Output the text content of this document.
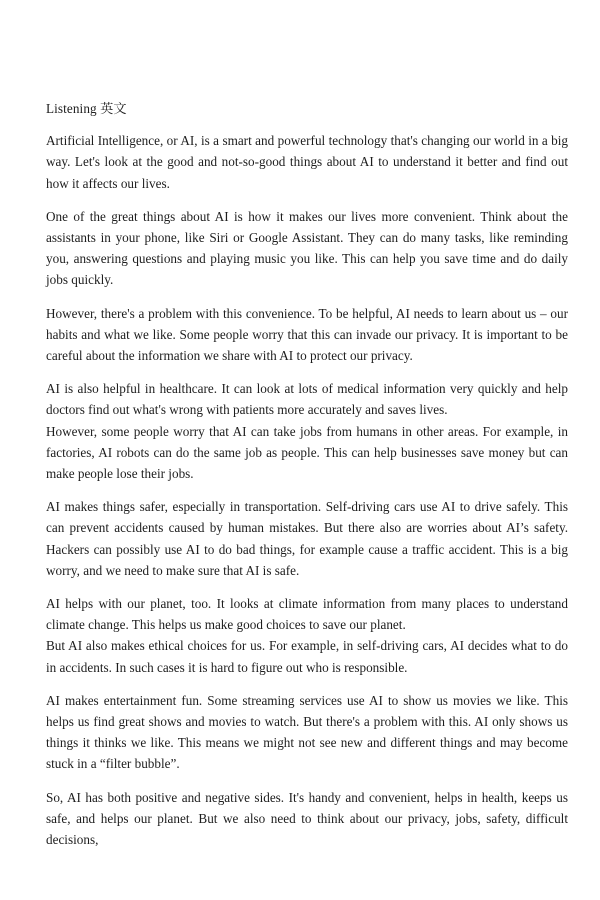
Listening 英文

Artificial Intelligence, or AI, is a smart and powerful technology that's changing our world in a big way. Let's look at the good and not-so-good things about AI to understand it better and find out how it affects our lives.

One of the great things about AI is how it makes our lives more convenient. Think about the assistants in your phone, like Siri or Google Assistant. They can do many tasks, like reminding you, answering questions and playing music you like. This can help you save time and do daily jobs quickly.

However, there's a problem with this convenience. To be helpful, AI needs to learn about us – our habits and what we like. Some people worry that this can invade our privacy. It is important to be careful about the information we share with AI to protect our privacy.

AI is also helpful in healthcare. It can look at lots of medical information very quickly and help doctors find out what's wrong with patients more accurately and saves lives.

However, some people worry that AI can take jobs from humans in other areas. For example, in factories, AI robots can do the same job as people. This can help businesses save money but can make people lose their jobs.

AI makes things safer, especially in transportation. Self-driving cars use AI to drive safely. This can prevent accidents caused by human mistakes. But there also are worries about AI’s safety. Hackers can possibly use AI to do bad things, for example cause a traffic accident. This is a big worry, and we need to make sure that AI is safe.

AI helps with our planet, too. It looks at climate information from many places to understand climate change. This helps us make good choices to save our planet.

But AI also makes ethical choices for us. For example, in self-driving cars, AI decides what to do in accidents. In such cases it is hard to figure out who is responsible.

AI makes entertainment fun. Some streaming services use AI to show us movies we like. This helps us find great shows and movies to watch. But there's a problem with this. AI only shows us things it thinks we like. This means we might not see new and different things and may become stuck in a “filter bubble”.

So, AI has both positive and negative sides. It's handy and convenient, helps in health, keeps us safe, and helps our planet. But we also need to think about our privacy, jobs, safety, difficult decisions,
